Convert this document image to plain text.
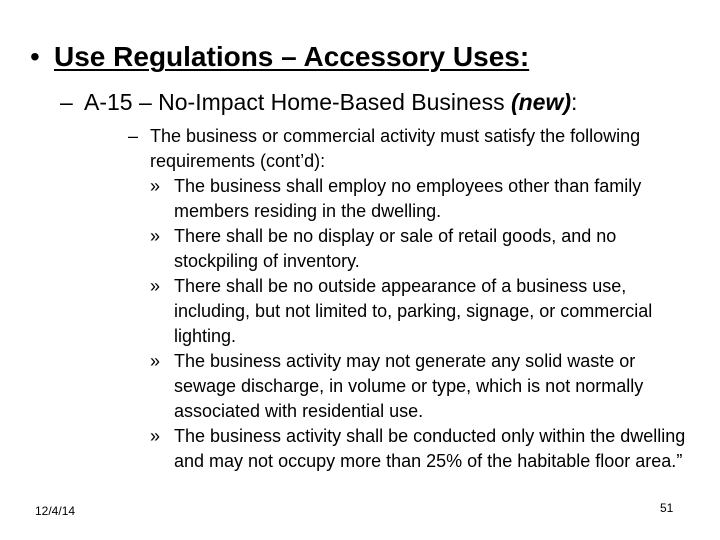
• Use Regulations – Accessory Uses:
– A-15 – No-Impact Home-Based Business (new):
– The business or commercial activity must satisfy the following requirements (cont’d):
» The business shall employ no employees other than family members residing in the dwelling.
» There shall be no display or sale of retail goods, and no stockpiling of inventory.
» There shall be no outside appearance of a business use, including, but not limited to, parking, signage, or commercial lighting.
» The business activity may not generate any solid waste or sewage discharge, in volume or type, which is not normally associated with residential use.
» The business activity shall be conducted only within the dwelling and may not occupy more than 25% of the habitable floor area.”
12/4/14	51
